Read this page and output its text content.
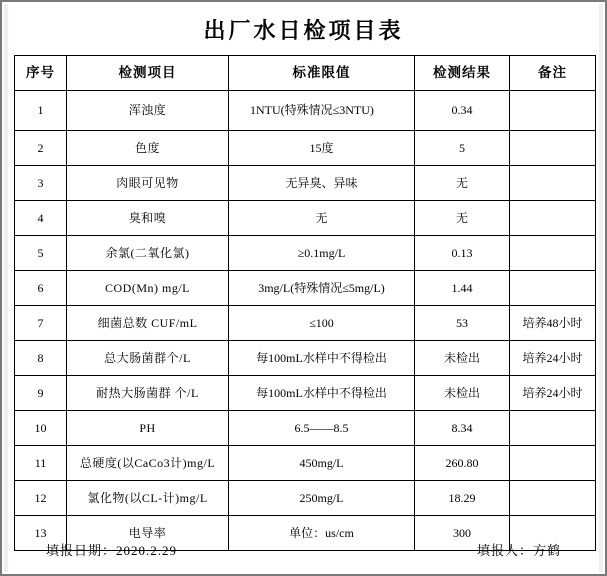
出厂水日检项目表
序号	检测项目	标准限值	检测结果	备注
1	浑浊度	1NTU(特殊情况≤3NTU)	0.34	
2	色度	15度	5	
3	肉眼可见物	无异臭、异味	无	
4	臭和嗅	无	无	
5	余氯(二氧化氯)	≥0.1mg/L	0.13	
6	COD(Mn) mg/L	3mg/L(特殊情况≤5mg/L)	1.44	
7	细菌总数 CUF/mL	≤100	53	培养48小时
8	总大肠菌群个/L	每100mL水样中不得检出	未检出	培养24小时
9	耐热大肠菌群 个/L	每100mL水样中不得检出	未检出	培养24小时
10	PH	6.5——8.5	8.34	
11	总硬度(以CaCo3计)mg/L	450mg/L	260.80	
12	氯化物(以CL-计)mg/L	250mg/L	18.29	
13	电导率	单位：us/cm	300	
填报日期：2020.2.29	填报人：方鹤
